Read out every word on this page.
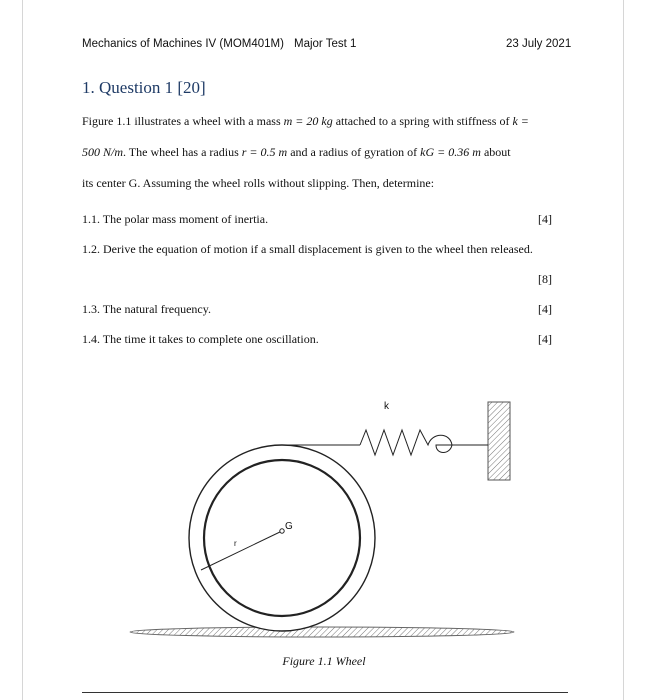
Mechanics of Machines IV (MOM401M) Major Test 1	23 July 2021
1. Question 1 [20]
Figure 1.1 illustrates a wheel with a mass m = 20 kg attached to a spring with stiffness of k =
500 N/m. The wheel has a radius r = 0.5 m and a radius of gyration of kG = 0.36 m about
its center G. Assuming the wheel rolls without slipping. Then, determine:
1.1. The polar mass moment of inertia.	[4]
1.2. Derive the equation of motion if a small displacement is given to the wheel then released.
[8]
1.3. The natural frequency.	[4]
1.4. The time it takes to complete one oscillation.	[4]
k
G
r
Figure 1.1 Wheel
